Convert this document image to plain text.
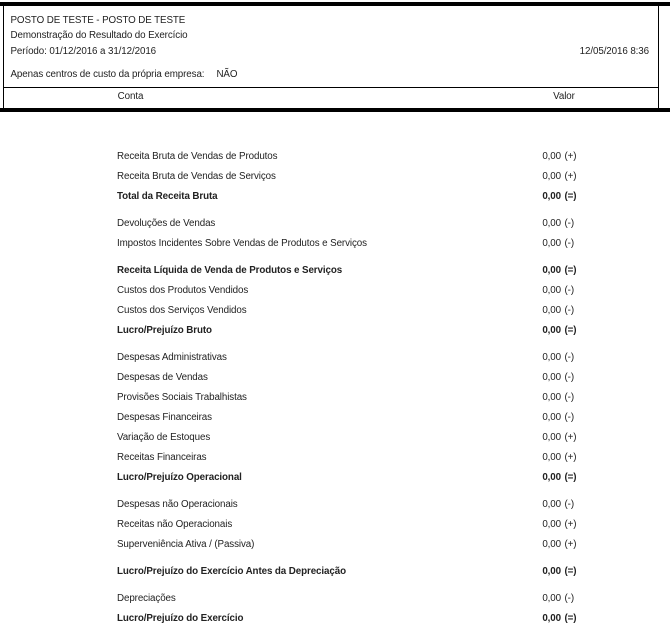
POSTO DE TESTE - POSTO DE TESTE
Demonstração do Resultado do Exercício
Período: 01/12/2016 a 31/12/2016	12/05/2016 8:36
Apenas centros de custo da própria empresa: NÃO
Conta	Valor
Receita Bruta de Vendas de Produtos	0,00 (+)
Receita Bruta de Vendas de Serviços	0,00 (+)
Total da Receita Bruta	0,00 (=)
Devoluções de Vendas	0,00 (-)
Impostos Incidentes Sobre Vendas de Produtos e Serviços	0,00 (-)
Receita Líquida de Venda de Produtos e Serviços	0,00 (=)
Custos dos Produtos Vendidos	0,00 (-)
Custos dos Serviços Vendidos	0,00 (-)
Lucro/Prejuízo Bruto	0,00 (=)
Despesas Administrativas	0,00 (-)
Despesas de Vendas	0,00 (-)
Provisões Sociais Trabalhistas	0,00 (-)
Despesas Financeiras	0,00 (-)
Variação de Estoques	0,00 (+)
Receitas Financeiras	0,00 (+)
Lucro/Prejuízo Operacional	0,00 (=)
Despesas não Operacionais	0,00 (-)
Receitas não Operacionais	0,00 (+)
Superveniência Ativa / (Passiva)	0,00 (+)
Lucro/Prejuízo do Exercício Antes da Depreciação	0,00 (=)
Depreciações	0,00 (-)
Lucro/Prejuízo do Exercício	0,00 (=)
